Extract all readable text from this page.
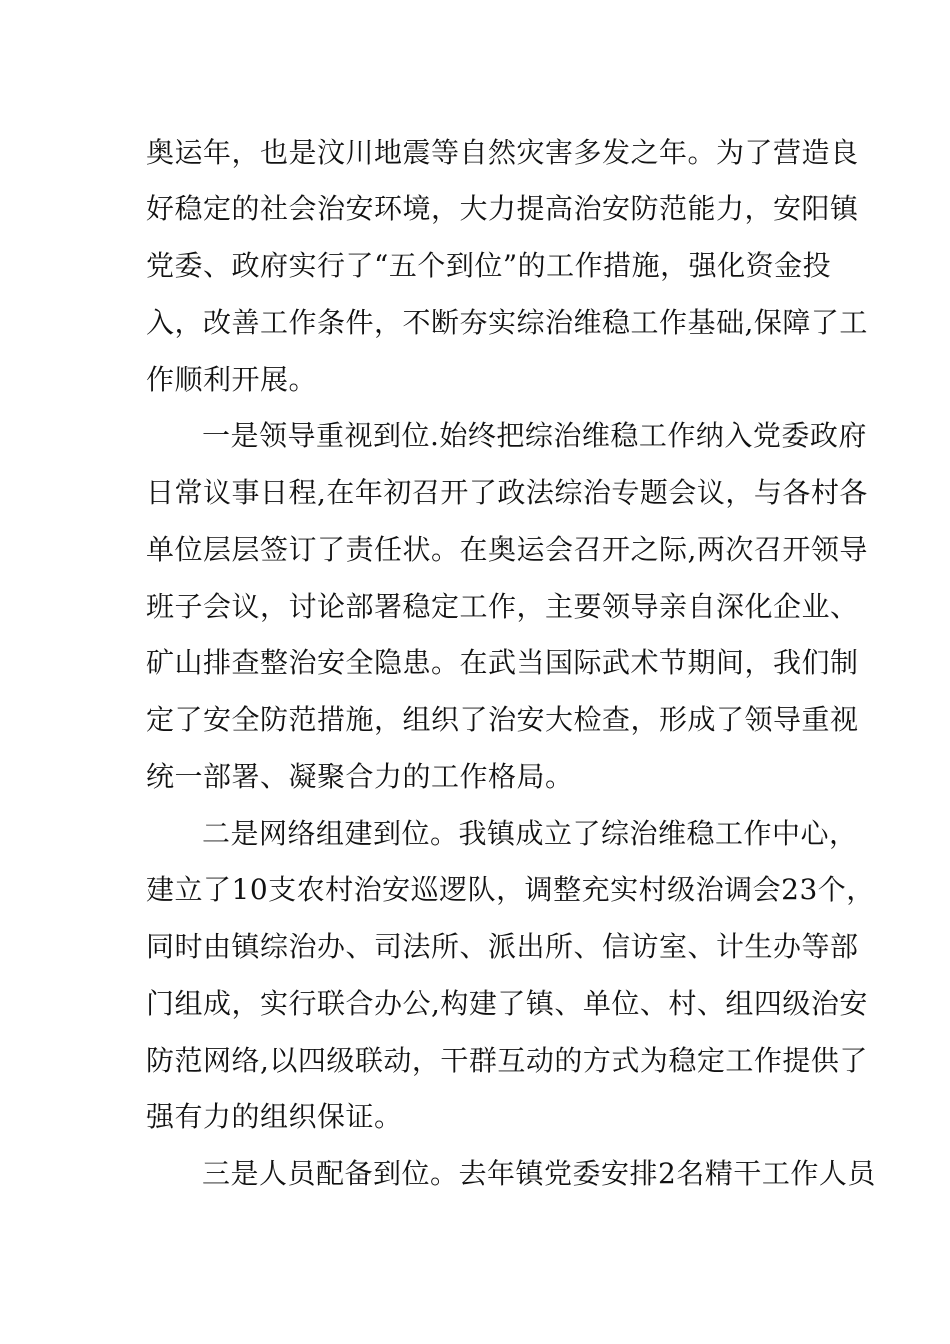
奥运年，也是汶川地震等自然灾害多发之年。为了营造良
好稳定的社会治安环境，大力提高治安防范能力，安阳镇
党委、政府实行了“五个到位”的工作措施，强化资金投
入，改善工作条件，不断夯实综治维稳工作基础,保障了工
作顺利开展。
一是领导重视到位.始终把综治维稳工作纳入党委政府
日常议事日程,在年初召开了政法综治专题会议，与各村各
单位层层签订了责任状。在奥运会召开之际,两次召开领导
班子会议，讨论部署稳定工作，主要领导亲自深化企业、
矿山排查整治安全隐患。在武当国际武术节期间，我们制
定了安全防范措施，组织了治安大检查，形成了领导重视
统一部署、凝聚合力的工作格局。
二是网络组建到位。我镇成立了综治维稳工作中心，
建立了10支农村治安巡逻队，调整充实村级治调会23个，
同时由镇综治办、司法所、派出所、信访室、计生办等部
门组成，实行联合办公,构建了镇、单位、村、组四级治安
防范网络,以四级联动，干群互动的方式为稳定工作提供了
强有力的组织保证。
三是人员配备到位。去年镇党委安排2名精干工作人员
